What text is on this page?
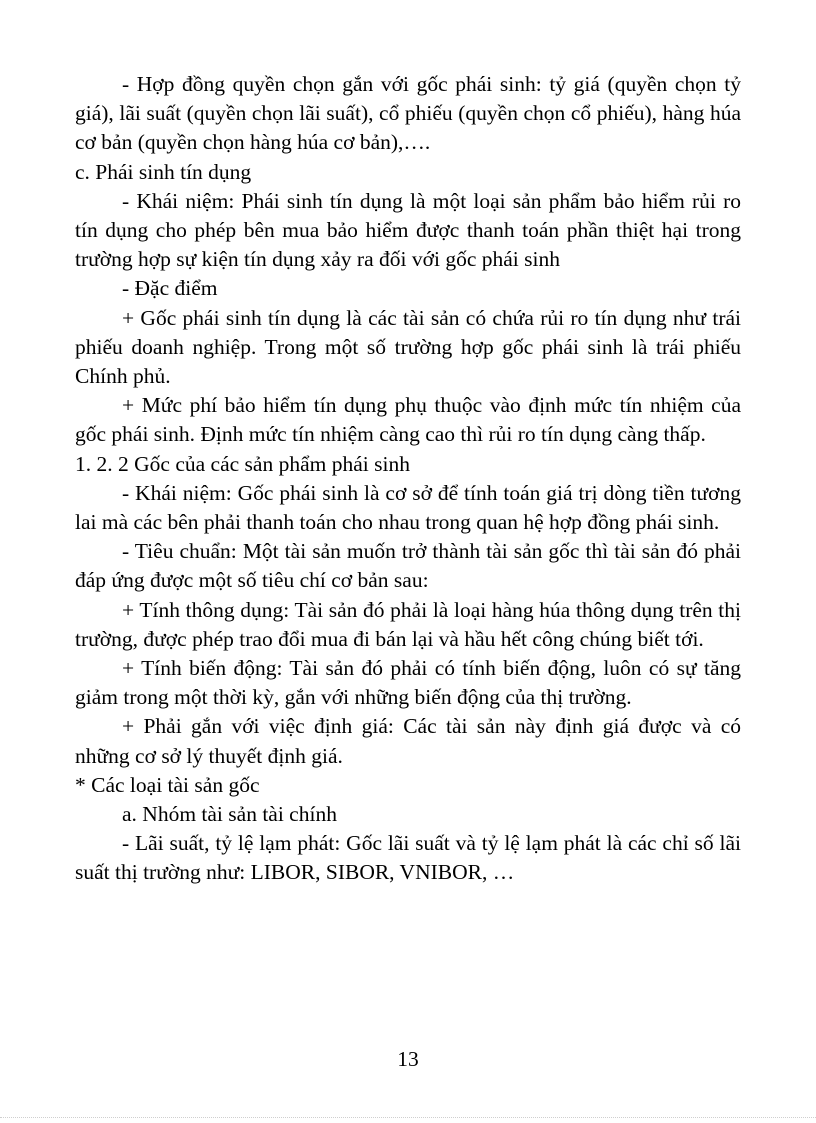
- Hợp đồng quyền chọn gắn với gốc phái sinh: tỷ giá (quyền chọn tỷ giá), lãi suất (quyền chọn lãi suất), cổ phiếu (quyền chọn cổ phiếu), hàng húa cơ bản (quyền chọn hàng húa cơ bản),….

c. Phái sinh tín dụng

- Khái niệm: Phái sinh tín dụng là một loại sản phẩm bảo hiểm rủi ro tín dụng cho phép bên mua bảo hiểm được thanh toán phần thiệt hại trong trường hợp sự kiện tín dụng xảy ra đối với gốc phái sinh

- Đặc điểm

+ Gốc phái sinh tín dụng là các tài sản có chứa rủi ro tín dụng như trái phiếu doanh nghiệp. Trong một số trường hợp gốc phái sinh là trái phiếu Chính phủ.

+ Mức phí bảo hiểm tín dụng phụ thuộc vào định mức tín nhiệm của gốc phái sinh. Định mức tín nhiệm càng cao thì rủi ro tín dụng càng thấp.

1. 2. 2 Gốc của các sản phẩm phái sinh

- Khái niệm: Gốc phái sinh là cơ sở để tính toán giá trị dòng tiền tương lai mà các bên phải thanh toán cho nhau trong quan hệ hợp đồng phái sinh.

- Tiêu chuẩn: Một tài sản muốn trở thành tài sản gốc thì tài sản đó phải đáp ứng được một số tiêu chí cơ bản sau:

+ Tính thông dụng: Tài sản đó phải là loại hàng húa thông dụng trên thị trường, được phép trao đổi mua đi bán lại và hầu hết công chúng biết tới.

+ Tính biến động: Tài sản đó phải có tính biến động, luôn có sự tăng giảm trong một thời kỳ, gắn với những biến động của thị trường.

+ Phải gắn với việc định giá: Các tài sản này định giá được và có những cơ sở lý thuyết định giá.

* Các loại tài sản gốc

a. Nhóm tài sản tài chính

- Lãi suất, tỷ lệ lạm phát: Gốc lãi suất và tỷ lệ lạm phát là các chỉ số lãi suất thị trường như: LIBOR, SIBOR, VNIBOR, …

13
